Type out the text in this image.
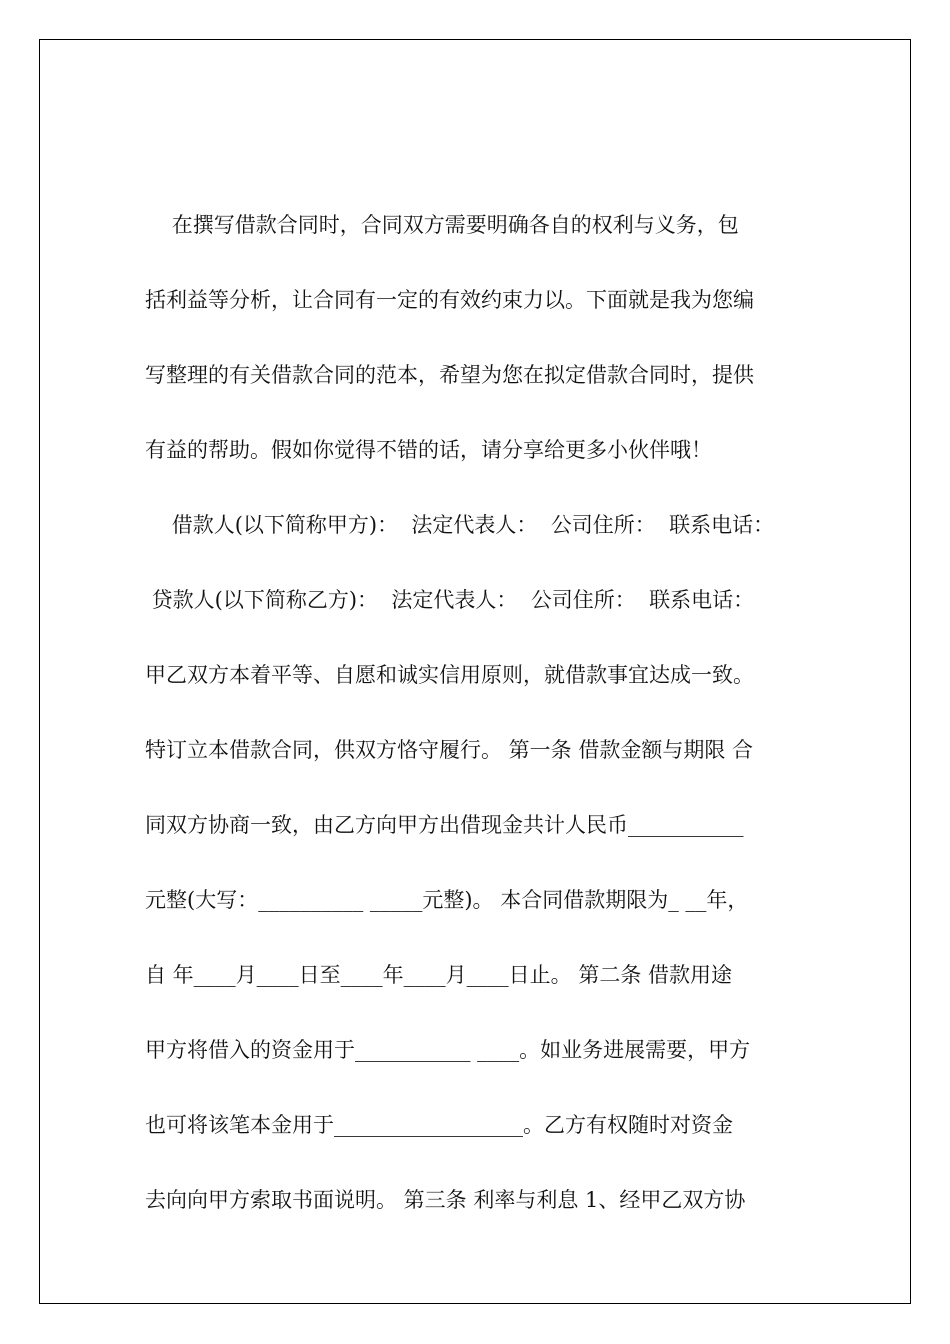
在撰写借款合同时，合同双方需要明确各自的权利与义务，包
括利益等分析，让合同有一定的有效约束力以。下面就是我为您编
写整理的有关借款合同的范本，希望为您在拟定借款合同时，提供
有益的帮助。假如你觉得不错的话，请分享给更多小伙伴哦！
借款人(以下简称甲方)：  法定代表人：  公司住所：  联系电话：
贷款人(以下简称乙方)：  法定代表人：  公司住所：  联系电话：
甲乙双方本着平等、自愿和诚实信用原则，就借款事宜达成一致。
特订立本借款合同，供双方恪守履行。 第一条 借款金额与期限 合
同双方协商一致，由乙方向甲方出借现金共计人民币___________
元整(大写：__________ _____元整)。 本合同借款期限为_ __年，
自 年____月____日至____年____月____日止。 第二条 借款用途
甲方将借入的资金用于___________ ____。如业务进展需要，甲方
也可将该笔本金用于__________________。乙方有权随时对资金
去向向甲方索取书面说明。 第三条 利率与利息 1、经甲乙双方协
